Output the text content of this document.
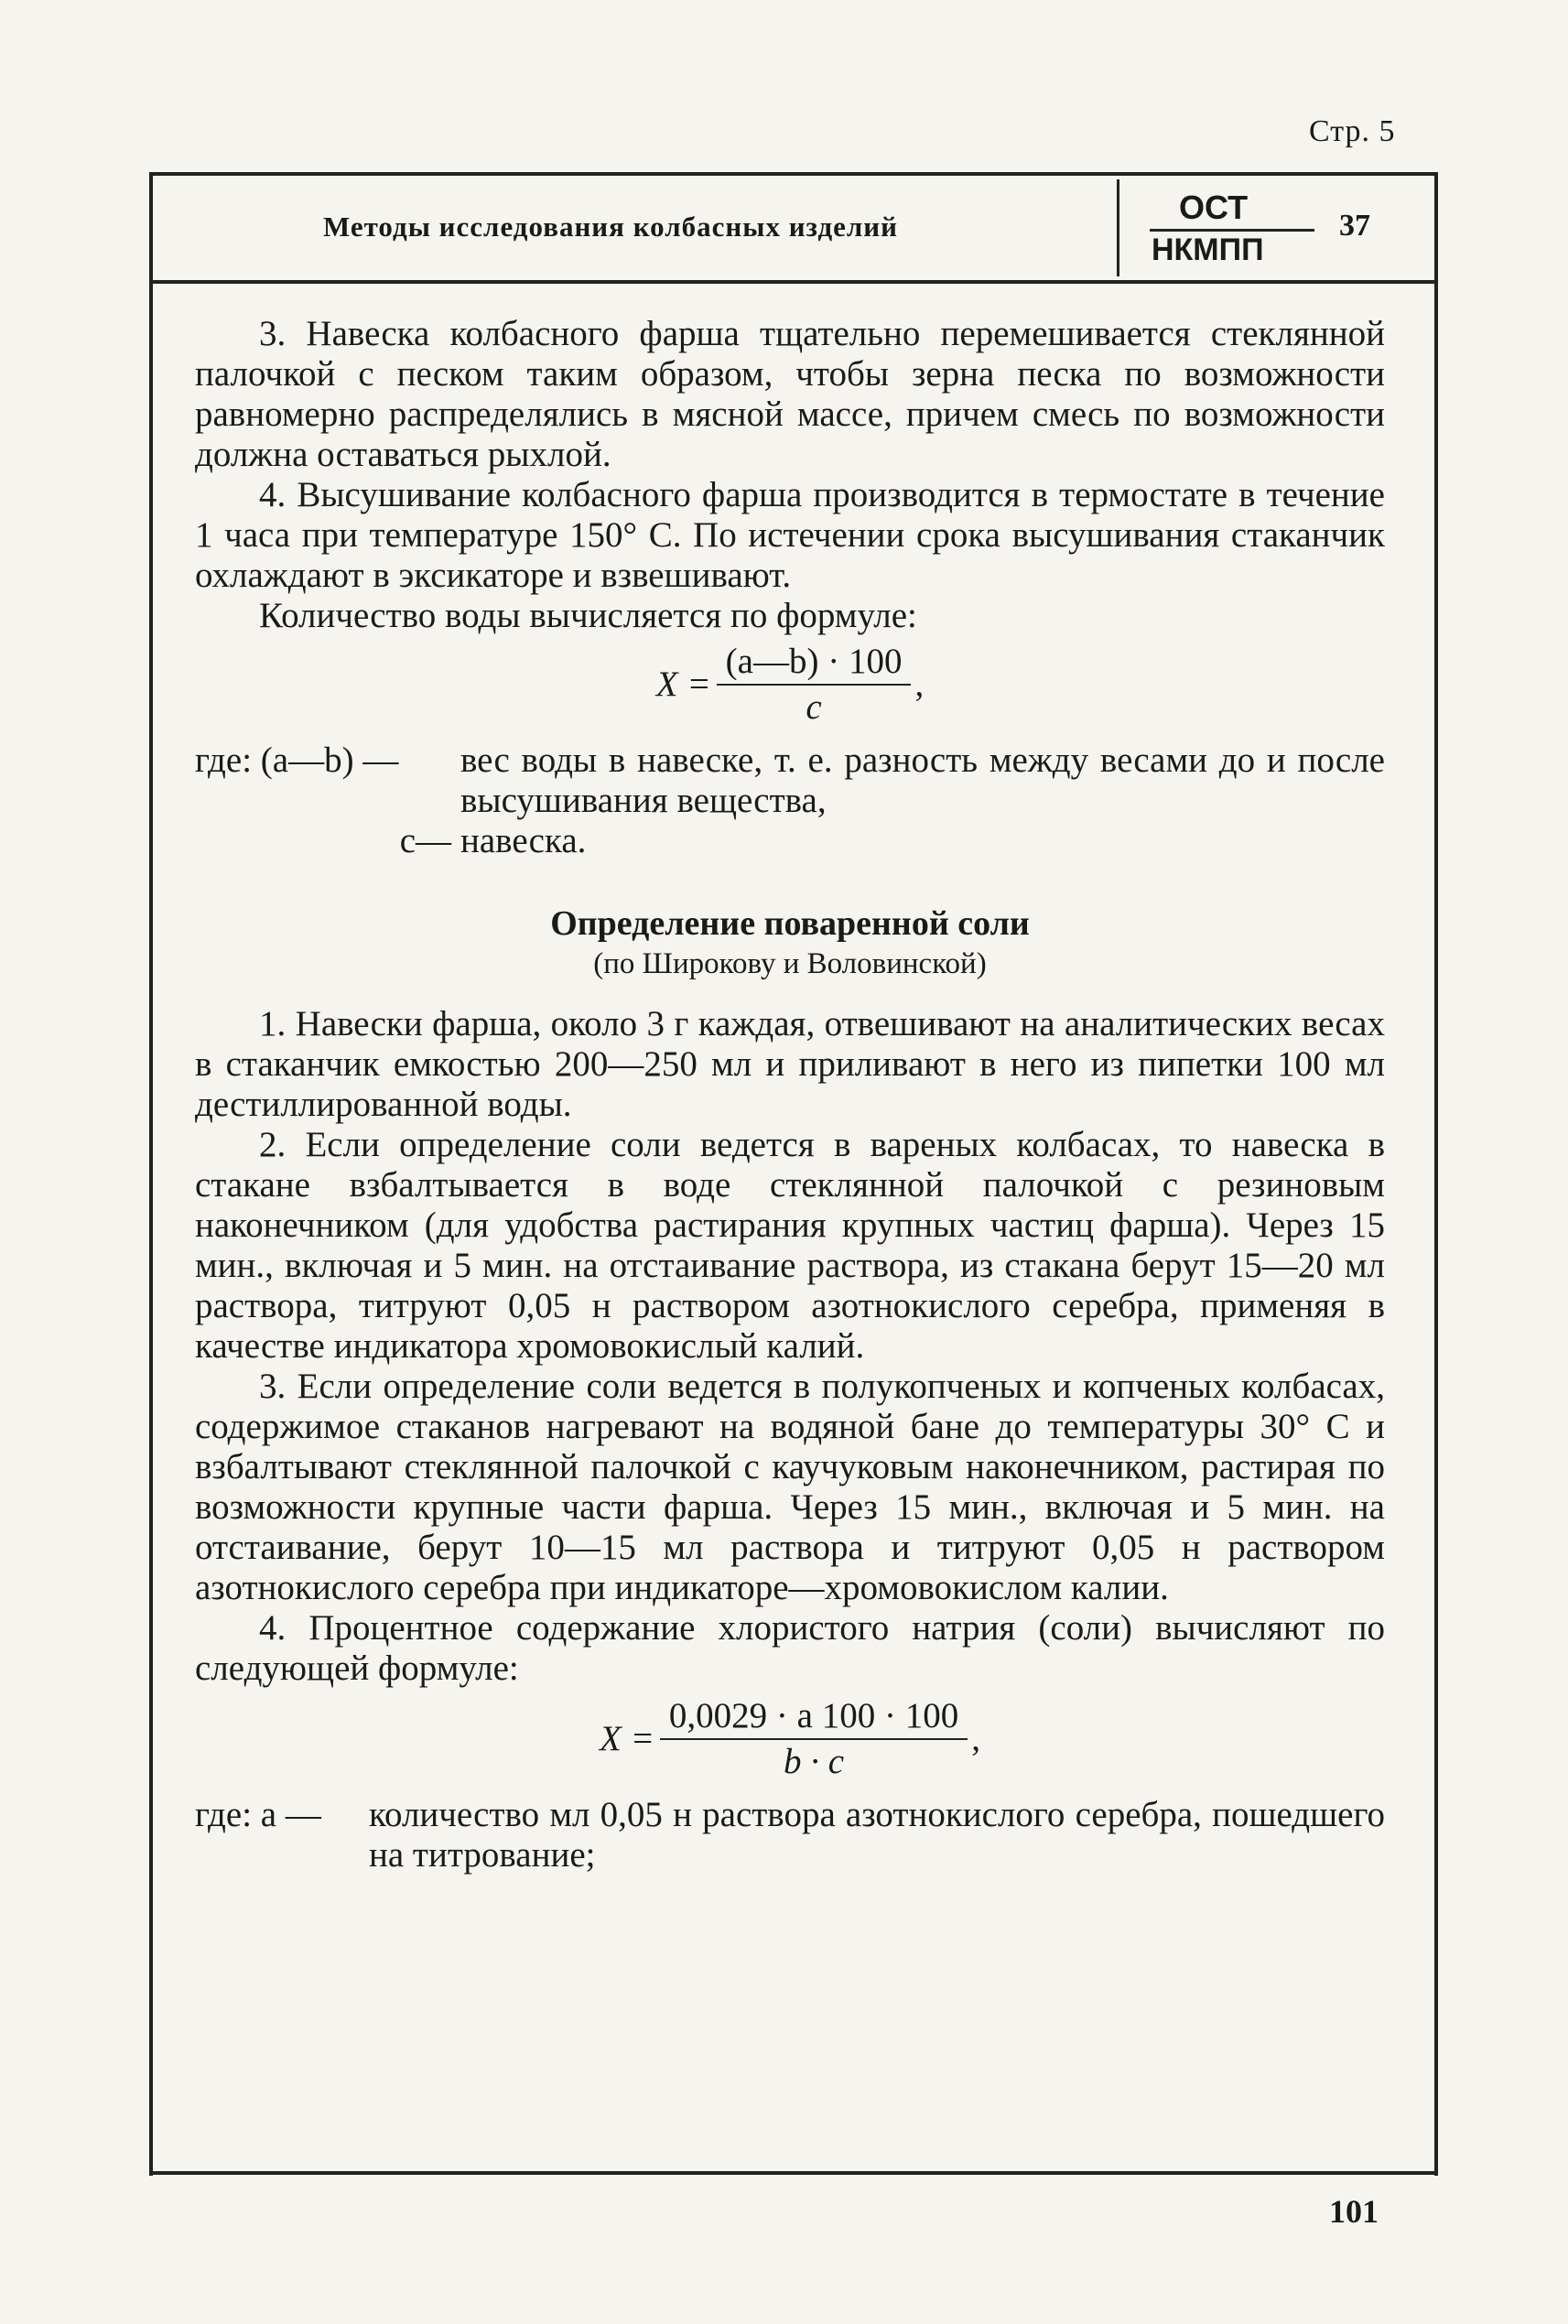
Стр. 5
Методы исследования колбасных изделий
ОСТ
НКМПП
37

3. Навеска колбасного фарша тщательно перемешивается стеклянной палочкой с песком таким образом, чтобы зерна песка по возможности равномерно распределялись в мясной массе, причем смесь по возможности должна оставаться рыхлой.

4. Высушивание колбасного фарша производится в термостате в течение 1 часа при температуре 150° С. По истечении срока высушивания стаканчик охлаждают в эксикаторе и взвешивают.

Количество воды вычисляется по формуле:

$X = \frac{(a—b) \cdot 100}{c}$ ,
где: (a—b) —	вес воды в навеске, т. е. разность между весами до и после высушивания вещества,
c— навеска.
Определение поваренной соли
(по Широкову и Воловинской)

1. Навески фарша, около 3 г каждая, отвешивают на аналитических весах в стаканчик емкостью 200—250 мл и приливают в него из пипетки 100 мл дестиллированной воды.

2. Если определение соли ведется в вареных колбасах, то навеска в стакане взбалтывается в воде стеклянной палочкой с резиновым наконечником (для удобства растирания крупных частиц фарша). Через 15 мин., включая и 5 мин. на отстаивание раствора, из стакана берут 15—20 мл раствора, титруют 0,05 н раствором азотнокислого серебра, применяя в качестве индикатора хромовокислый калий.

3. Если определение соли ведется в полукопченых и копченых колбасах, содержимое стаканов нагревают на водяной бане до температуры 30° С и взбалтывают стеклянной палочкой с каучуковым наконечником, растирая по возможности крупные части фарша. Через 15 мин., включая и 5 мин. на отстаивание, берут 10—15 мл раствора и титруют 0,05 н раствором азотнокислого серебра при индикаторе—хромовокислом калии.

4. Процентное содержание хлористого натрия (соли) вычисляют по следующей формуле:

$X = \frac{0,0029 \cdot a 100 \cdot 100}{b \cdot c}$ ,
где: a —	количество мл 0,05 н раствора азотнокислого серебра, пошедшего на титрование;
101
